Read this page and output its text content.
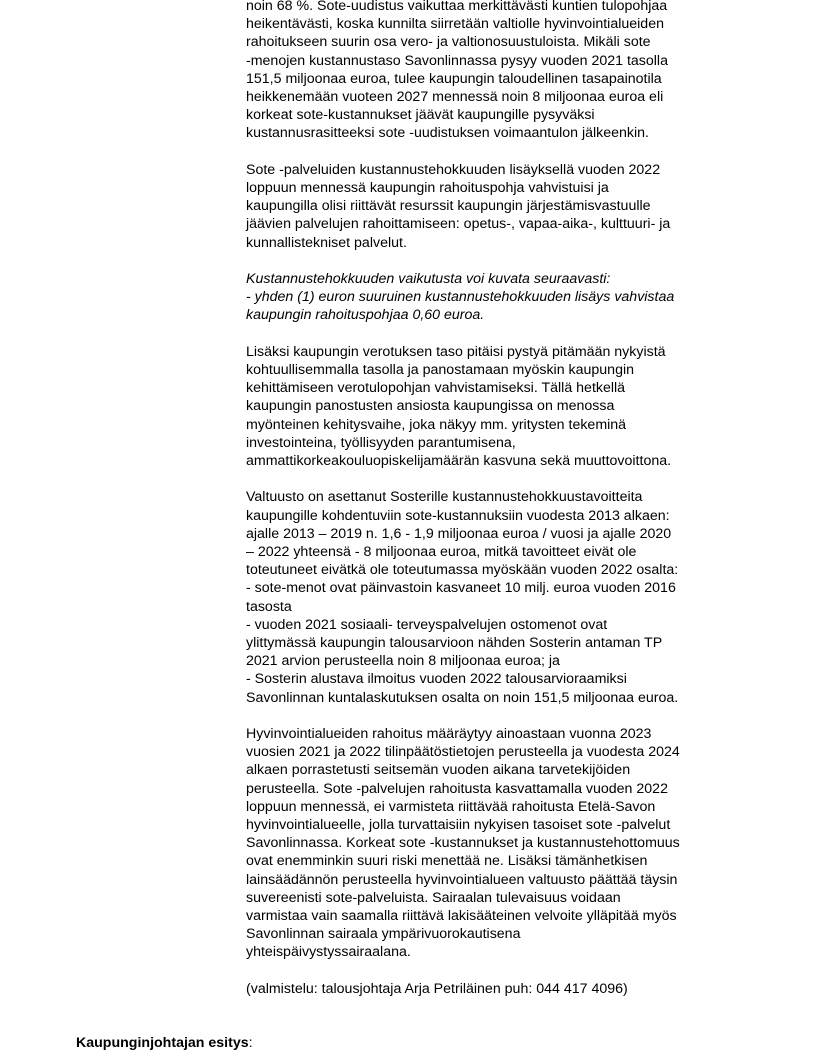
noin 68 %. Sote-uudistus vaikuttaa merkittävästi kuntien tulopohjaa
heikentävästi, koska kunnilta siirretään valtiolle hyvinvointialueiden
rahoitukseen suurin osa vero- ja valtionosuustuloista. Mikäli sote
-menojen kustannustaso Savonlinnassa pysyy vuoden 2021 tasolla
151,5 miljoonaa euroa, tulee kaupungin taloudellinen tasapainotila
heikkenemään vuoteen 2027 mennessä noin 8 miljoonaa euroa eli
korkeat sote-kustannukset jäävät kaupungille pysyväksi
kustannusrasitteeksi sote -uudistuksen voimaantulon jälkeenkin.
Sote -palveluiden kustannustehokkuuden lisäyksellä vuoden 2022
loppuun mennessä kaupungin rahoituspohja vahvistuisi ja
kaupungilla olisi riittävät resurssit kaupungin järjestämisvastuulle
jäävien palvelujen rahoittamiseen: opetus-, vapaa-aika-, kulttuuri- ja
kunnallistekniset palvelut.
Kustannustehokkuuden vaikutusta voi kuvata seuraavasti:
- yhden (1) euron suuruinen kustannustehokkuuden lisäys vahvistaa
kaupungin rahoituspohjaa 0,60 euroa.
Lisäksi kaupungin verotuksen taso pitäisi pystyä pitämään nykyistä
kohtuullisemmalla tasolla ja panostamaan myöskin kaupungin
kehittämiseen verotulopohjan vahvistamiseksi. Tällä hetkellä
kaupungin panostusten ansiosta kaupungissa on menossa
myönteinen kehitysvaihe, joka näkyy mm. yritysten tekeminä
investointeina, työllisyyden parantumisena,
ammattikorkeakouluopiskelijamäärän kasvuna sekä muuttovoittona.
Valtuusto on asettanut Sosterille kustannustehokkuustavoitteita
kaupungille kohdentuviin sote-kustannuksiin vuodesta 2013 alkaen:
ajalle 2013 – 2019 n. 1,6 - 1,9 miljoonaa euroa / vuosi ja ajalle 2020
– 2022 yhteensä - 8 miljoonaa euroa, mitkä tavoitteet eivät ole
toteutuneet eivätkä ole toteutumassa myöskään vuoden 2022 osalta:
- sote-menot ovat päinvastoin kasvaneet 10 milj. euroa vuoden 2016
tasosta
- vuoden 2021 sosiaali- terveyspalvelujen ostomenot ovat
ylittymässä kaupungin talousarvioon nähden Sosterin antaman TP
2021 arvion perusteella noin 8 miljoonaa euroa; ja
- Sosterin alustava ilmoitus vuoden 2022 talousarvioraamiksi
Savonlinnan kuntalaskutuksen osalta on noin 151,5 miljoonaa euroa.
Hyvinvointialueiden rahoitus määräytyy ainoastaan vuonna 2023
vuosien 2021 ja 2022 tilinpäätöstietojen perusteella ja vuodesta 2024
alkaen porrastetusti seitsemän vuoden aikana tarvetekijöiden
perusteella. Sote -palvelujen rahoitusta kasvattamalla vuoden 2022
loppuun mennessä, ei varmisteta riittävää rahoitusta Etelä-Savon
hyvinvointialueelle, jolla turvattaisiin nykyisen tasoiset sote -palvelut
Savonlinnassa. Korkeat sote -kustannukset ja kustannustehottomuus
ovat enemminkin suuri riski menettää ne. Lisäksi tämänhetkisen
lainsäädännön perusteella hyvinvointialueen valtuusto päättää täysin
suvereenisti sote-palveluista. Sairaalan tulevaisuus voidaan
varmistaa vain saamalla riittävä lakisääteinen velvoite ylläpitää myös
Savonlinnan sairaala ympärivuorokautisena
yhteispäivystyssairaalana.
(valmistelu: talousjohtaja Arja Petriläinen puh: 044 417 4096)
Kaupunginjohtajan esitys:
